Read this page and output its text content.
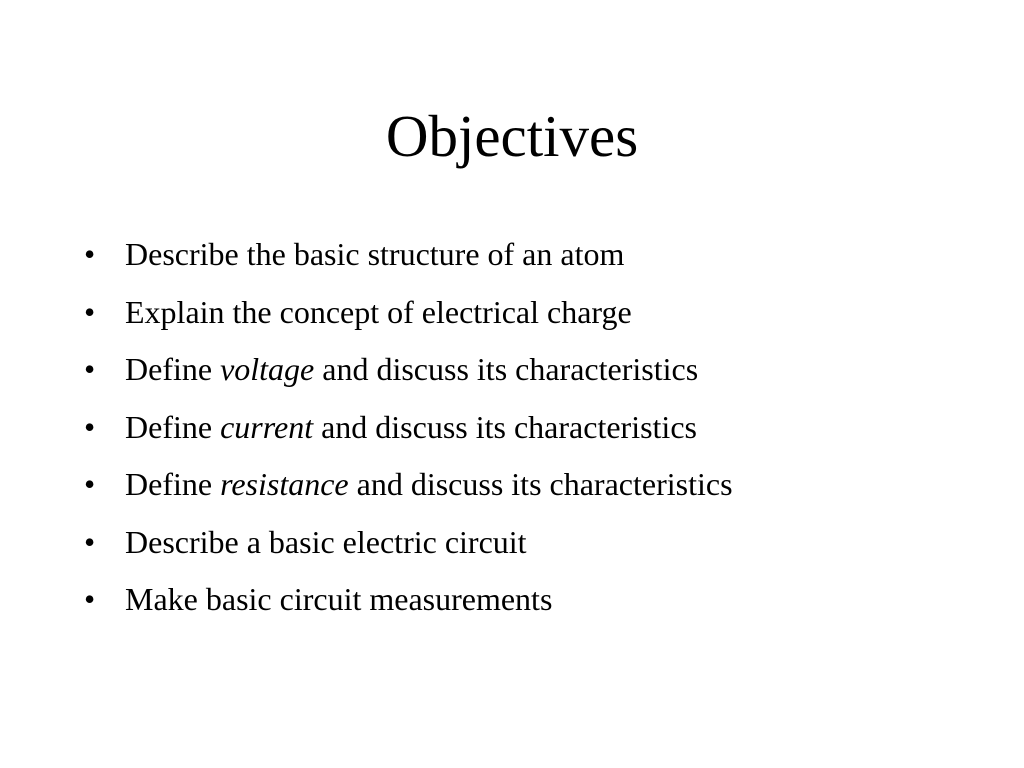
Objectives
• Describe the basic structure of an atom
• Explain the concept of electrical charge
• Define voltage and discuss its characteristics
• Define current and discuss its characteristics
• Define resistance and discuss its characteristics
• Describe a basic electric circuit
• Make basic circuit measurements
